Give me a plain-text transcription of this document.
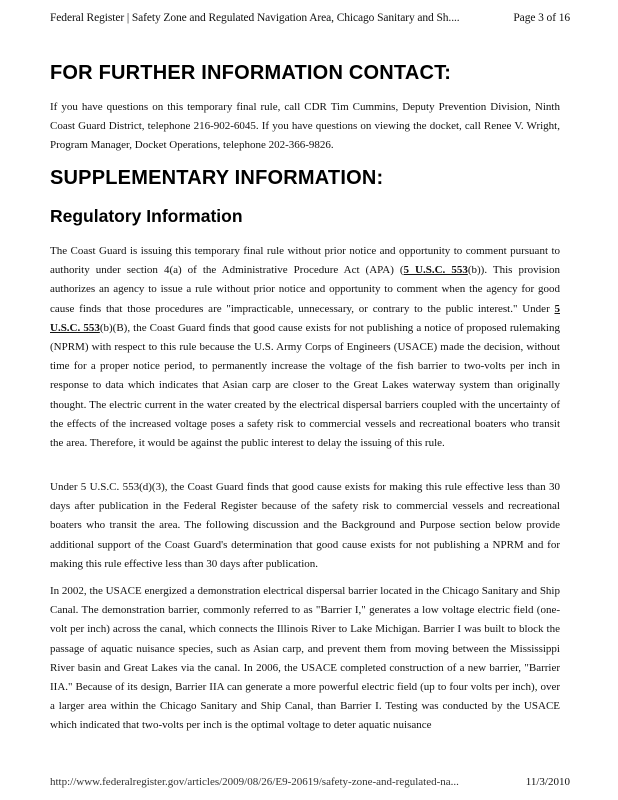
Federal Register | Safety Zone and Regulated Navigation Area, Chicago Sanitary and Sh....	Page 3 of 16
FOR FURTHER INFORMATION CONTACT:

If you have questions on this temporary final rule, call CDR Tim Cummins, Deputy Prevention Division, Ninth Coast Guard District, telephone 216-902-6045. If you have questions on viewing the docket, call Renee V. Wright, Program Manager, Docket Operations, telephone 202-366-9826.

SUPPLEMENTARY INFORMATION:
Regulatory Information

The Coast Guard is issuing this temporary final rule without prior notice and opportunity to comment pursuant to authority under section 4(a) of the Administrative Procedure Act (APA) (5 U.S.C. 553(b)). This provision authorizes an agency to issue a rule without prior notice and opportunity to comment when the agency for good cause finds that those procedures are "impracticable, unnecessary, or contrary to the public interest." Under 5 U.S.C. 553(b)(B), the Coast Guard finds that good cause exists for not publishing a notice of proposed rulemaking (NPRM) with respect to this rule because the U.S. Army Corps of Engineers (USACE) made the decision, without time for a proper notice period, to permanently increase the voltage of the fish barrier to two-volts per inch in response to data which indicates that Asian carp are closer to the Great Lakes waterway system than originally thought. The electric current in the water created by the electrical dispersal barriers coupled with the uncertainty of the effects of the increased voltage poses a safety risk to commercial vessels and recreational boaters who transit the area. Therefore, it would be against the public interest to delay the issuing of this rule.

Under 5 U.S.C. 553(d)(3), the Coast Guard finds that good cause exists for making this rule effective less than 30 days after publication in the Federal Register because of the safety risk to commercial vessels and recreational boaters who transit the area. The following discussion and the Background and Purpose section below provide additional support of the Coast Guard's determination that good cause exists for not publishing a NPRM and for making this rule effective less than 30 days after publication.

In 2002, the USACE energized a demonstration electrical dispersal barrier located in the Chicago Sanitary and Ship Canal. The demonstration barrier, commonly referred to as "Barrier I," generates a low voltage electric field (one-volt per inch) across the canal, which connects the Illinois River to Lake Michigan. Barrier I was built to block the passage of aquatic nuisance species, such as Asian carp, and prevent them from moving between the Mississippi River basin and Great Lakes via the canal. In 2006, the USACE completed construction of a new barrier, "Barrier IIA." Because of its design, Barrier IIA can generate a more powerful electric field (up to four volts per inch), over a larger area within the Chicago Sanitary and Ship Canal, than Barrier I. Testing was conducted by the USACE which indicated that two-volts per inch is the optimal voltage to deter aquatic nuisance

http://www.federalregister.gov/articles/2009/08/26/E9-20619/safety-zone-and-regulated-na...	11/3/2010
